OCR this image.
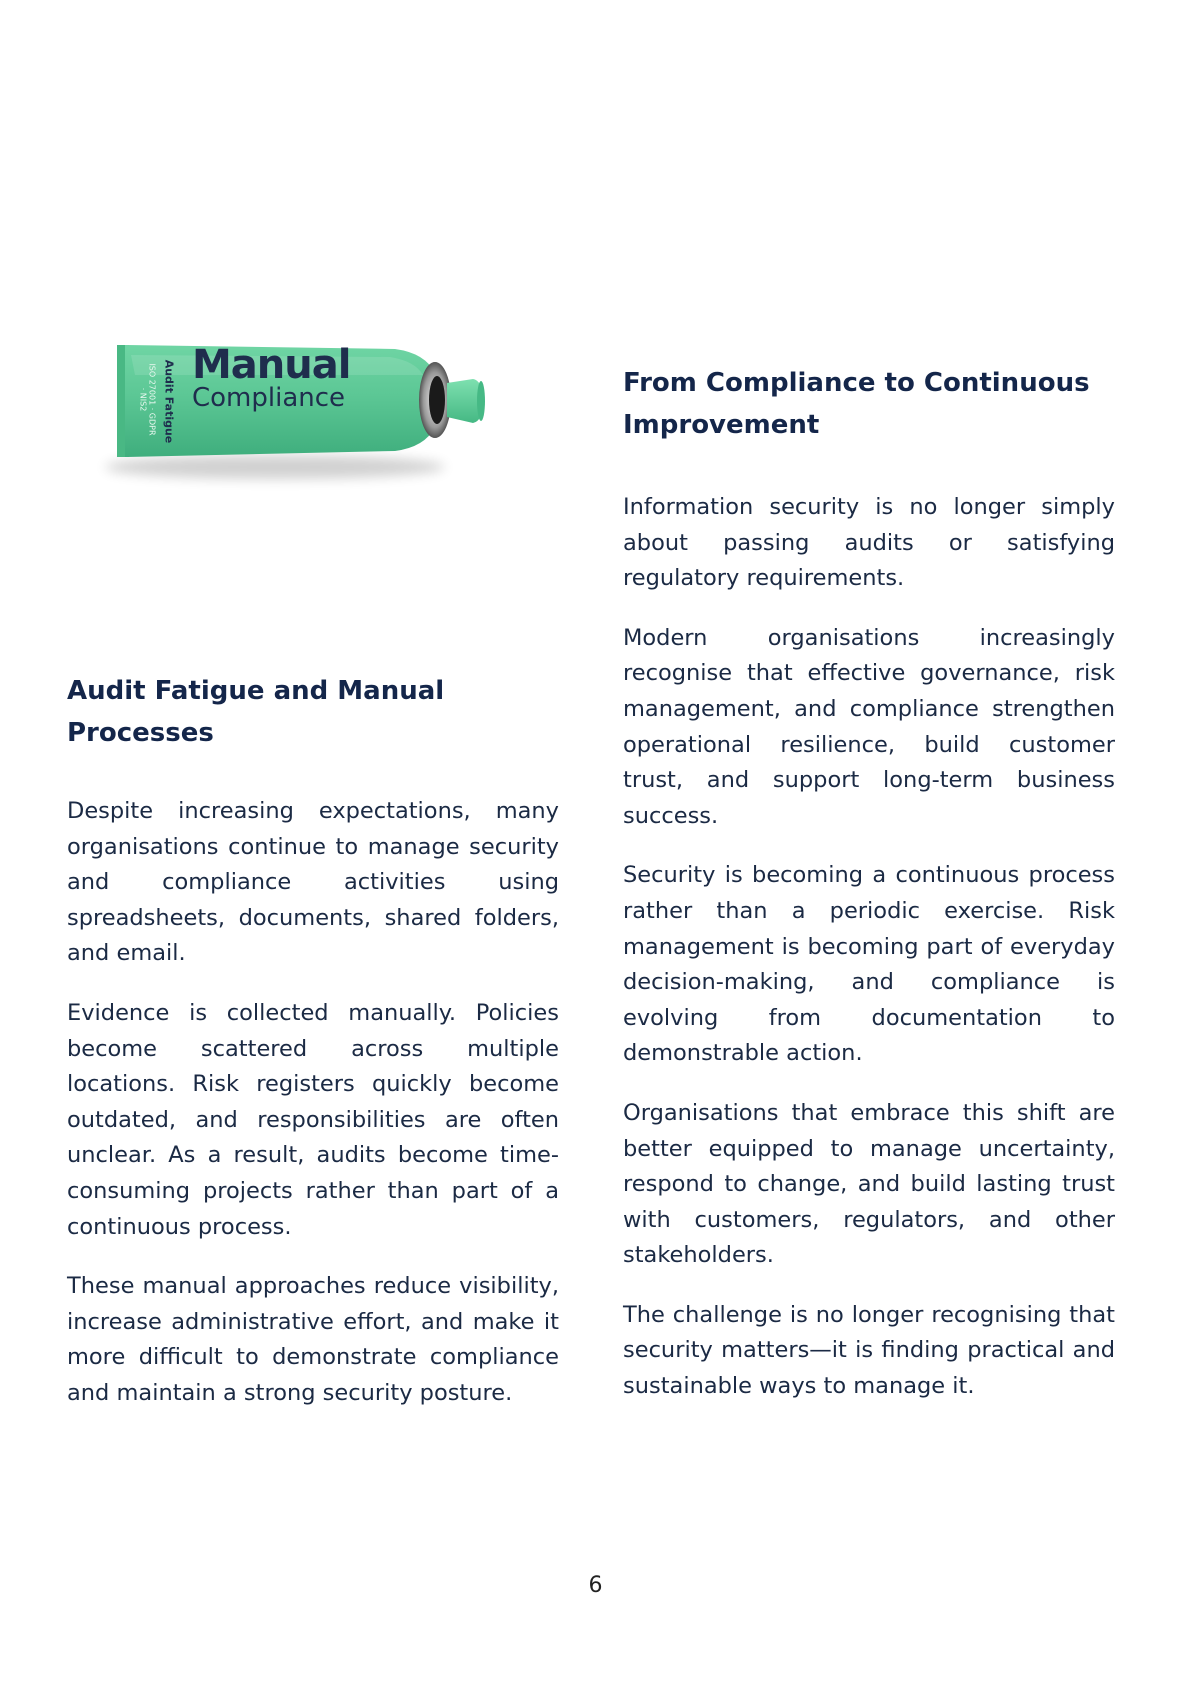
Manual
Compliance
Audit Fatigue
ISO 27001 · GDPR
· NIS2
Audit Fatigue and Manual Processes

Despite increasing expectations, many organisations continue to manage security and compliance activities using spreadsheets, documents, shared folders, and email.

Evidence is collected manually. Policies become scattered across multiple locations. Risk registers quickly become outdated, and responsibilities are often unclear. As a result, audits become time-consuming projects rather than part of a continuous process.

These manual approaches reduce visibility, increase administrative effort, and make it more difficult to demonstrate compliance and maintain a strong security posture.

From Compliance to Continuous Improvement

Information security is no longer simply about passing audits or satisfying regulatory requirements.

Modern organisations increasingly recognise that effective governance, risk management, and compliance strengthen operational resilience, build customer trust, and support long-term business success.

Security is becoming a continuous process rather than a periodic exercise. Risk management is becoming part of everyday decision-making, and compliance is evolving from documentation to demonstrable action.

Organisations that embrace this shift are better equipped to manage uncertainty, respond to change, and build lasting trust with customers, regulators, and other stakeholders.

The challenge is no longer recognising that security matters—it is finding practical and sustainable ways to manage it.

6
